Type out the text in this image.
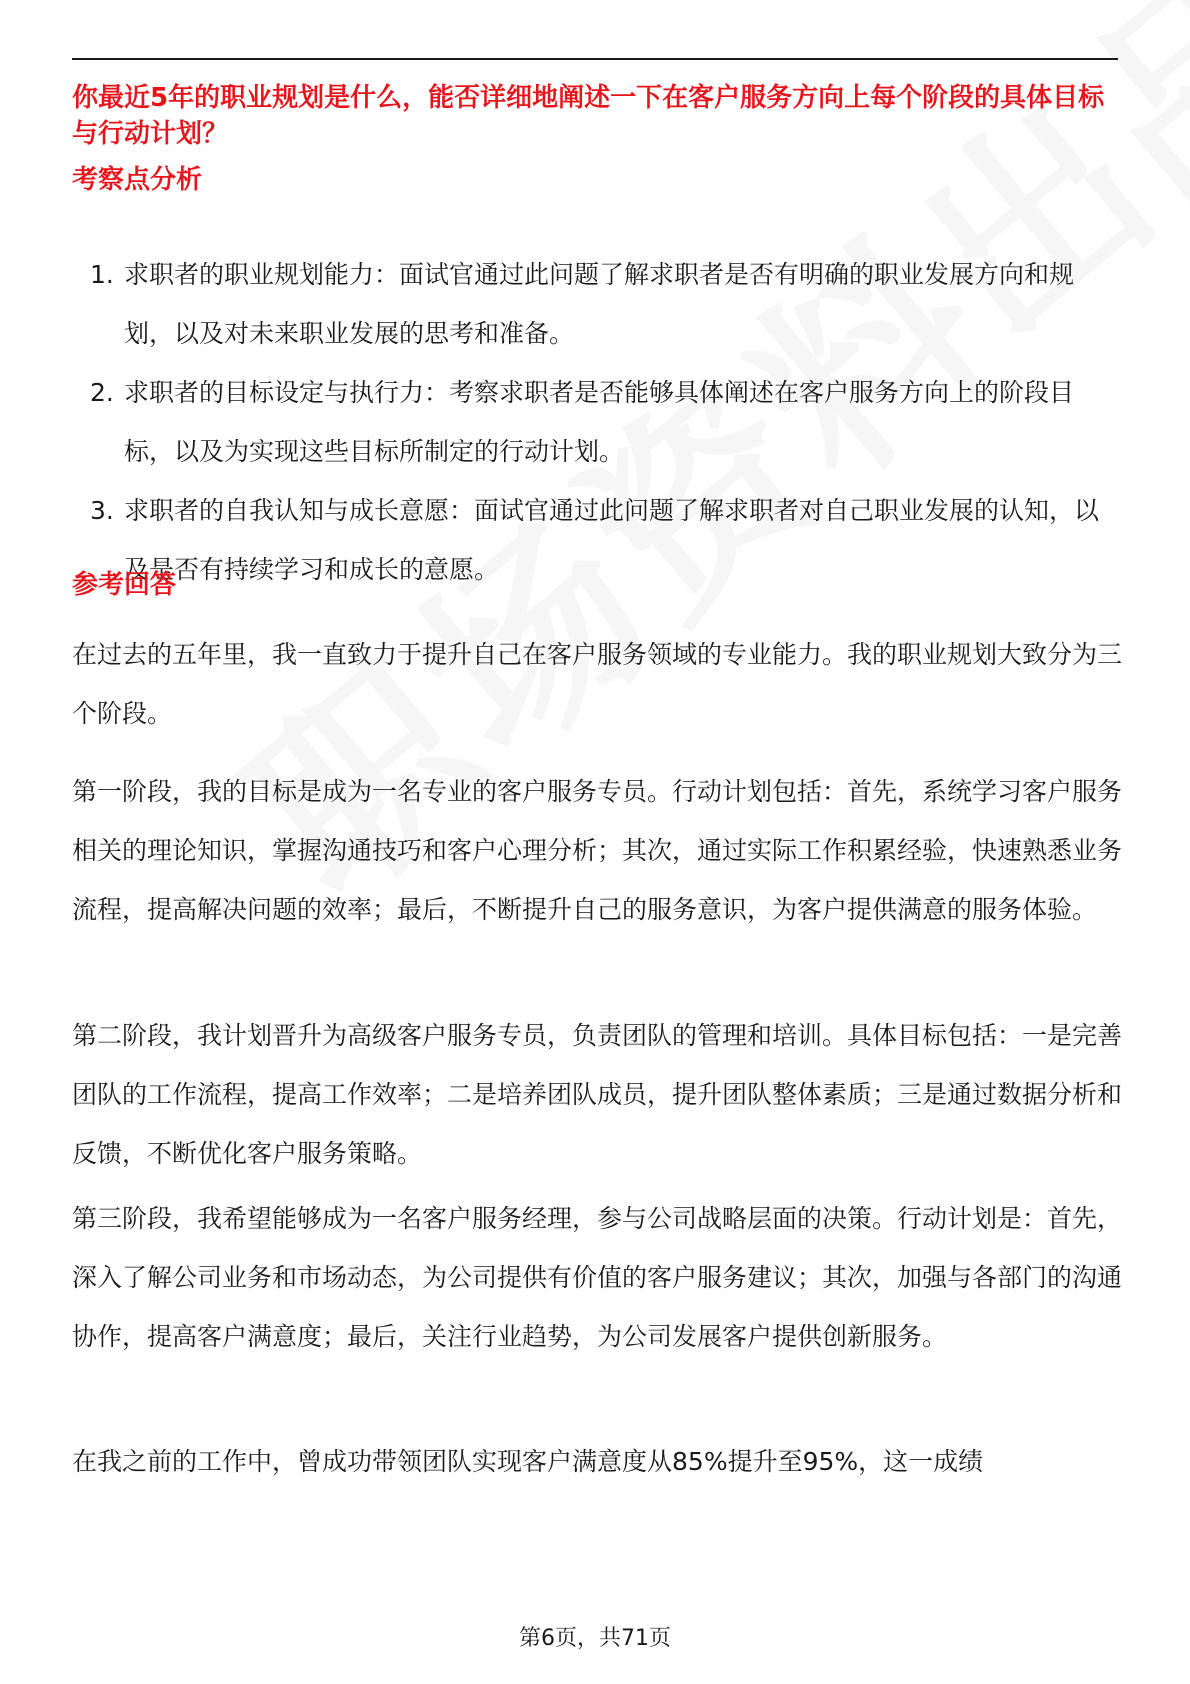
你最近5年的职业规划是什么，能否详细地阐述一下在客户服务方向上每个阶段的具体目标与行动计划？

考察点分析

1. 求职者的职业规划能力：面试官通过此问题了解求职者是否有明确的职业发展方向和规划，以及对未来职业发展的思考和准备。
2. 求职者的目标设定与执行力：考察求职者是否能够具体阐述在客户服务方向上的阶段目标，以及为实现这些目标所制定的行动计划。
3. 求职者的自我认知与成长意愿：面试官通过此问题了解求职者对自己职业发展的认知，以及是否有持续学习和成长的意愿。

参考回答

在过去的五年里，我一直致力于提升自己在客户服务领域的专业能力。我的职业规划大致分为三个阶段。

第一阶段，我的目标是成为一名专业的客户服务专员。行动计划包括：首先，系统学习客户服务相关的理论知识，掌握沟通技巧和客户心理分析；其次，通过实际工作积累经验，快速熟悉业务流程，提高解决问题的效率；最后，不断提升自己的服务意识，为客户提供满意的服务体验。

第二阶段，我计划晋升为高级客户服务专员，负责团队的管理和培训。具体目标包括：一是完善团队的工作流程，提高工作效率；二是培养团队成员，提升团队整体素质；三是通过数据分析和反馈，不断优化客户服务策略。

第三阶段，我希望能够成为一名客户服务经理，参与公司战略层面的决策。行动计划是：首先，深入了解公司业务和市场动态，为公司提供有价值的客户服务建议；其次，加强与各部门的沟通协作，提高客户满意度；最后，关注行业趋势，为公司发展客户提供创新服务。

在我之前的工作中，曾成功带领团队实现客户满意度从85%提升至95%，这一成绩

第6页，共71页
